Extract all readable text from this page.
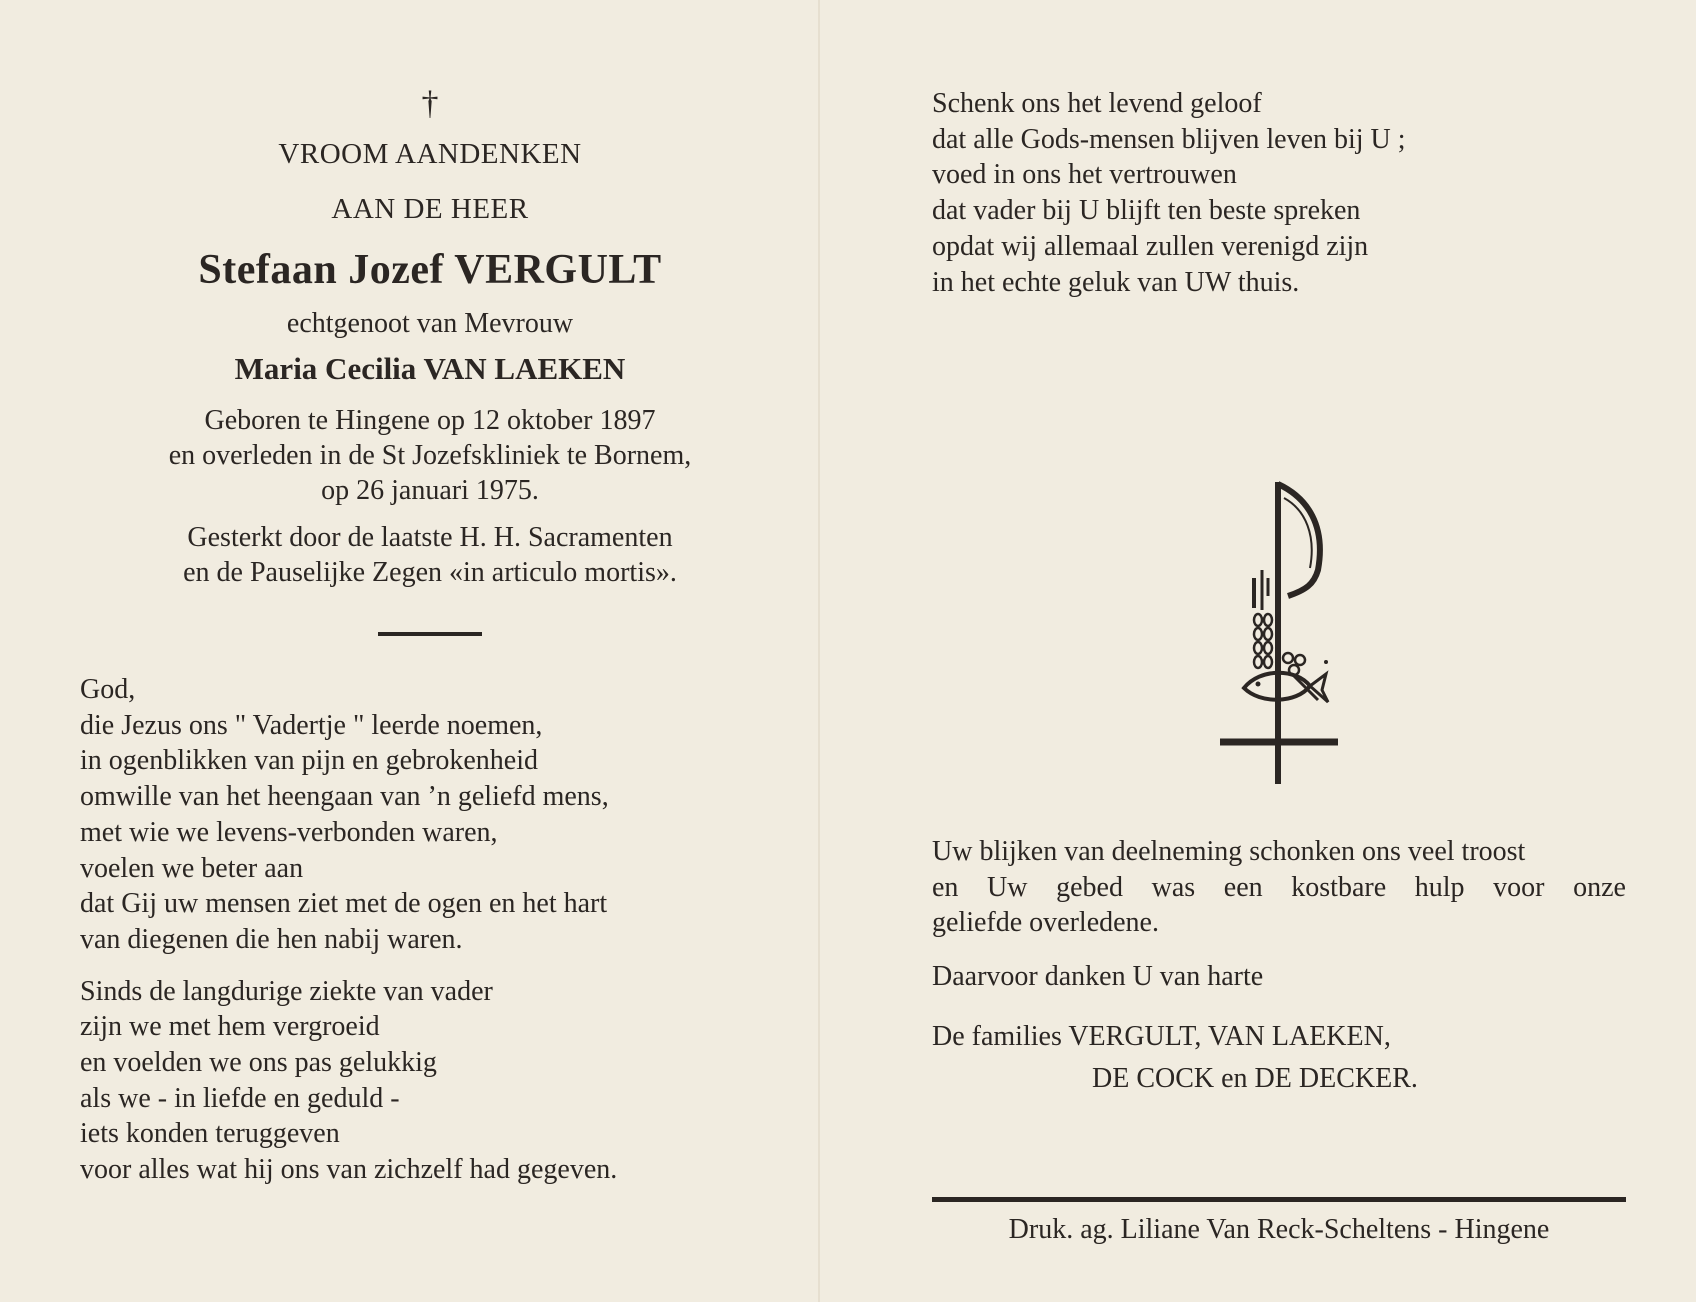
†
VROOM AANDENKEN
AAN DE HEER
Stefaan Jozef VERGULT
echtgenoot van Mevrouw
Maria Cecilia VAN LAEKEN
Geboren te Hingene op 12 oktober 1897
en overleden in de St Jozefskliniek te Bornem,
op 26 januari 1975.
Gesterkt door de laatste H. H. Sacramenten
en de Pauselijke Zegen «in articulo mortis».
God,
die Jezus ons " Vadertje " leerde noemen,
in ogenblikken van pijn en gebrokenheid
omwille van het heengaan van ’n geliefd mens,
met wie we levens-verbonden waren,
voelen we beter aan
dat Gij uw mensen ziet met de ogen en het hart
van diegenen die hen nabij waren.
Sinds de langdurige ziekte van vader
zijn we met hem vergroeid
en voelden we ons pas gelukkig
als we - in liefde en geduld -
iets konden teruggeven
voor alles wat hij ons van zichzelf had gegeven.
Schenk ons het levend geloof
dat alle Gods-mensen blijven leven bij U ;
voed in ons het vertrouwen
dat vader bij U blijft ten beste spreken
opdat wij allemaal zullen verenigd zijn
in het echte geluk van UW thuis.
Uw blijken van deelneming schonken ons veel troost
en Uw gebed was een kostbare hulp voor onze
geliefde overledene.
Daarvoor danken U van harte
De families VERGULT, VAN LAEKEN,
DE COCK en DE DECKER.
Druk. ag. Liliane Van Reck-Scheltens - Hingene
